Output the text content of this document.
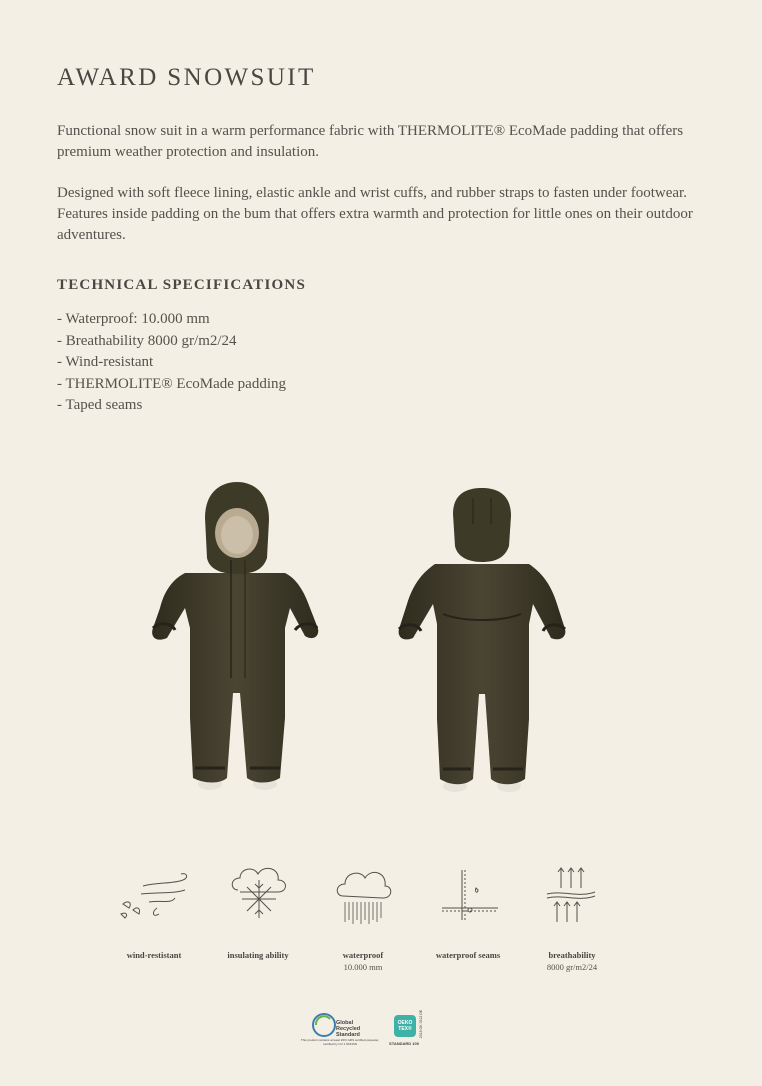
AWARD SNOWSUIT

Functional snow suit in a warm performance fabric with THERMOLITE® EcoMade padding that offers premium weather protection and insulation.

Designed with soft fleece lining, elastic ankle and wrist cuffs, and rubber straps to fasten under footwear. Features inside padding on the bum that offers extra warmth and protection for little ones on their outdoor adventures.

TECHNICAL SPECIFICATIONS
- Waterproof: 10.000 mm
- Breathability 8000 gr/m2/24
- Wind-resistant
- THERMOLITE® EcoMade padding
- Taped seams
wind-restistant	insulating ability	waterproof
10.000 mm
waterproof seams	breathability
8000 gr/m2/24
Global Recycled Standard
This product contains at least 20% GRS certified polyester, certified by CU 1 NNNNN
OEKO TEX®
STANDARD 100
2018 OK 0312 DE
